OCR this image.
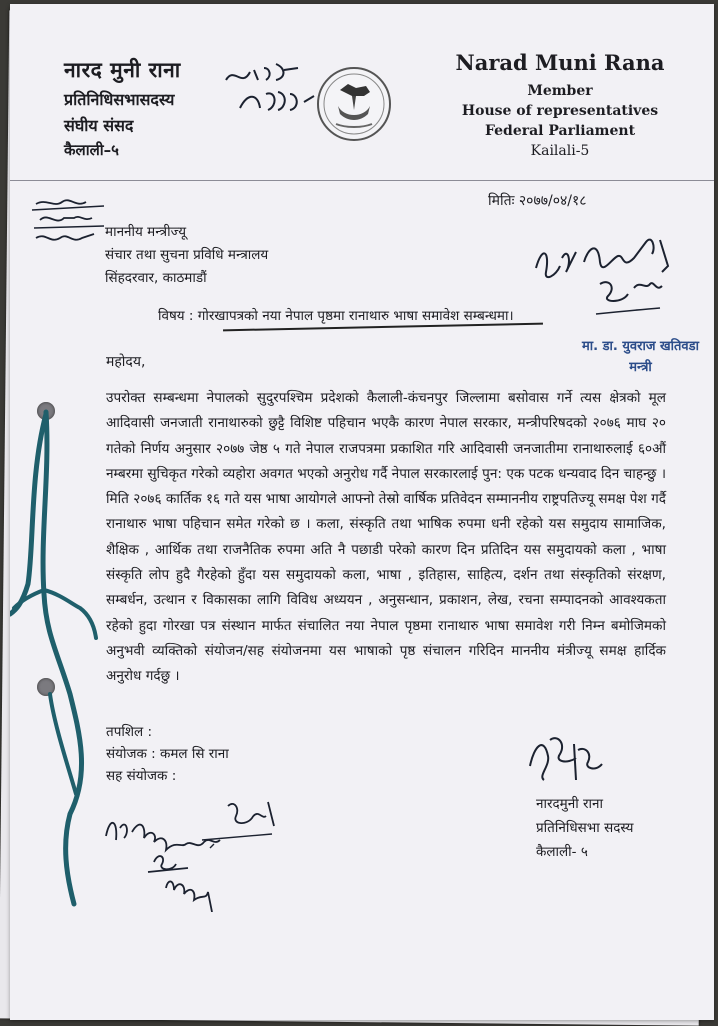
नारद मुनी राना
प्रतिनिधिसभासदस्य
संघीय संसद
कैलाली–५
Narad Muni Rana
Member
House of representatives
Federal Parliament
Kailali-5
मितिः २०७७/०४/१८
माननीय मन्त्रीज्यू
संचार तथा सुचना प्रविधि मन्त्रालय
सिंहदरवार, काठमाडौं
विषय : गोरखापत्रको नया नेपाल पृष्ठमा रानाथारु भाषा समावेश सम्बन्धमा।
मा. डा. युवराज खतिवडा
मन्त्री
महोदय,
उपरोक्त सम्बन्धमा नेपालको सुदुरपश्चिम प्रदेशको कैलाली-कंचनपुर जिल्लामा बसोवास गर्ने त्यस क्षेत्रको मूल आदिवासी जनजाती रानाथारुको छुट्टै विशिष्ट पहिचान भएकै कारण नेपाल सरकार, मन्त्रीपरिषदको २०७६ माघ २० गतेको निर्णय अनुसार २०७७ जेष्ठ ५ गते नेपाल राजपत्रमा प्रकाशित गरि आदिवासी जनजातीमा रानाथारुलाई ६०औं नम्बरमा सुचिकृत गरेको व्यहोरा अवगत भएको अनुरोध गर्दै नेपाल सरकारलाई पुन: एक पटक धन्यवाद दिन चाहन्छु । मिति २०७६ कार्तिक १६ गते यस भाषा आयोगले आफ्नो तेस्रो वार्षिक प्रतिवेदन सम्माननीय राष्ट्रपतिज्यू समक्ष पेश गर्दै रानाथारु भाषा पहिचान समेत गरेको छ । कला, संस्कृति तथा भाषिक रुपमा धनी रहेको यस समुदाय सामाजिक, शैक्षिक , आर्थिक तथा राजनैतिक रुपमा अति नै पछाडी परेको कारण दिन प्रतिदिन यस समुदायको कला , भाषा संस्कृति लोप हुदै गैरहेको हुँदा यस समुदायको कला, भाषा , इतिहास, साहित्य, दर्शन तथा संस्कृतिको संरक्षण, सम्बर्धन, उत्थान र विकासका लागि विविध अध्ययन , अनुसन्धान, प्रकाशन, लेख, रचना सम्पादनको आवश्यकता रहेको हुदा गोरखा पत्र संस्थान मार्फत संचालित नया नेपाल पृष्ठमा रानाथारु भाषा समावेश गरी निम्न बमोजिमको अनुभवी व्यक्तिको संयोजन/सह संयोजनमा यस भाषाको पृष्ठ संचालन गरिदिन माननीय मंत्रीज्यू समक्ष हार्दिक अनुरोध गर्दछु ।
तपशिल :
संयोजक : कमल सि राना
सह संयोजक :
नारदमुनी राना
प्रतिनिधिसभा सदस्य
कैलाली- ५
